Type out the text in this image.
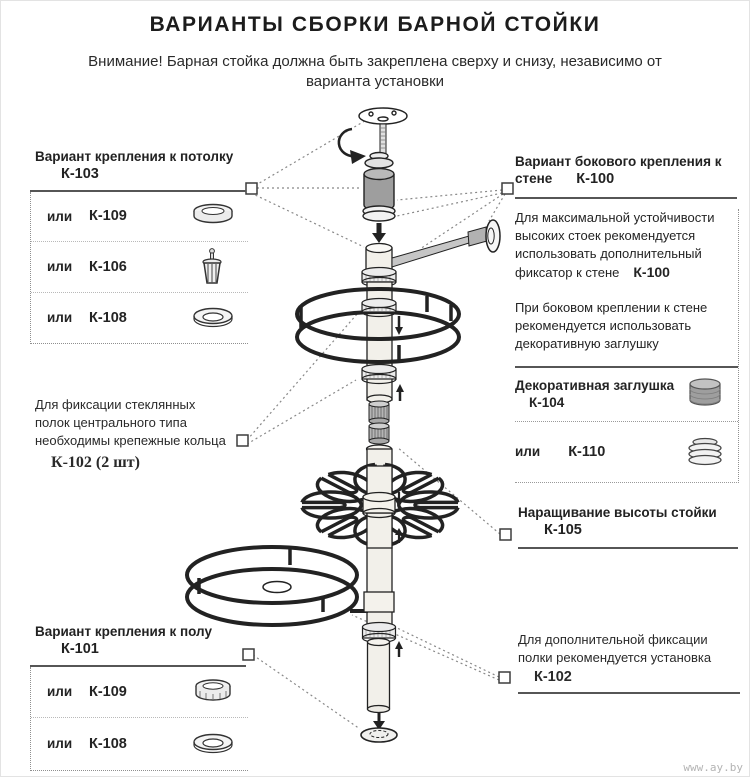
ВАРИАНТЫ СБОРКИ БАРНОЙ СТОЙКИ
Внимание! Барная стойка должна быть закреплена сверху и снизу, независимо от варианта установки
Вариант крепления к потолку
К-103
или	К-109
или	К-106
или	К-108
Для фиксации стеклянных
полок центрального типа
необходимы крепежные кольца
К-102 (2 шт)
Вариант крепления к полу
К-101
или	К-109
или	К-108
Вариант бокового крепления к
стене К-100

Для максимальной устойчивости высоких стоек рекомендуется использовать дополнительный фиксатор к стене К-100

При боковом креплении к стене рекомендуется использовать декоративную заглушку

Декоративная заглушка
К-104
или К-110
Наращивание высоты стойки
К-105
Для дополнительной фиксации
полки рекомендуется установка
К-102
www.ay.by
